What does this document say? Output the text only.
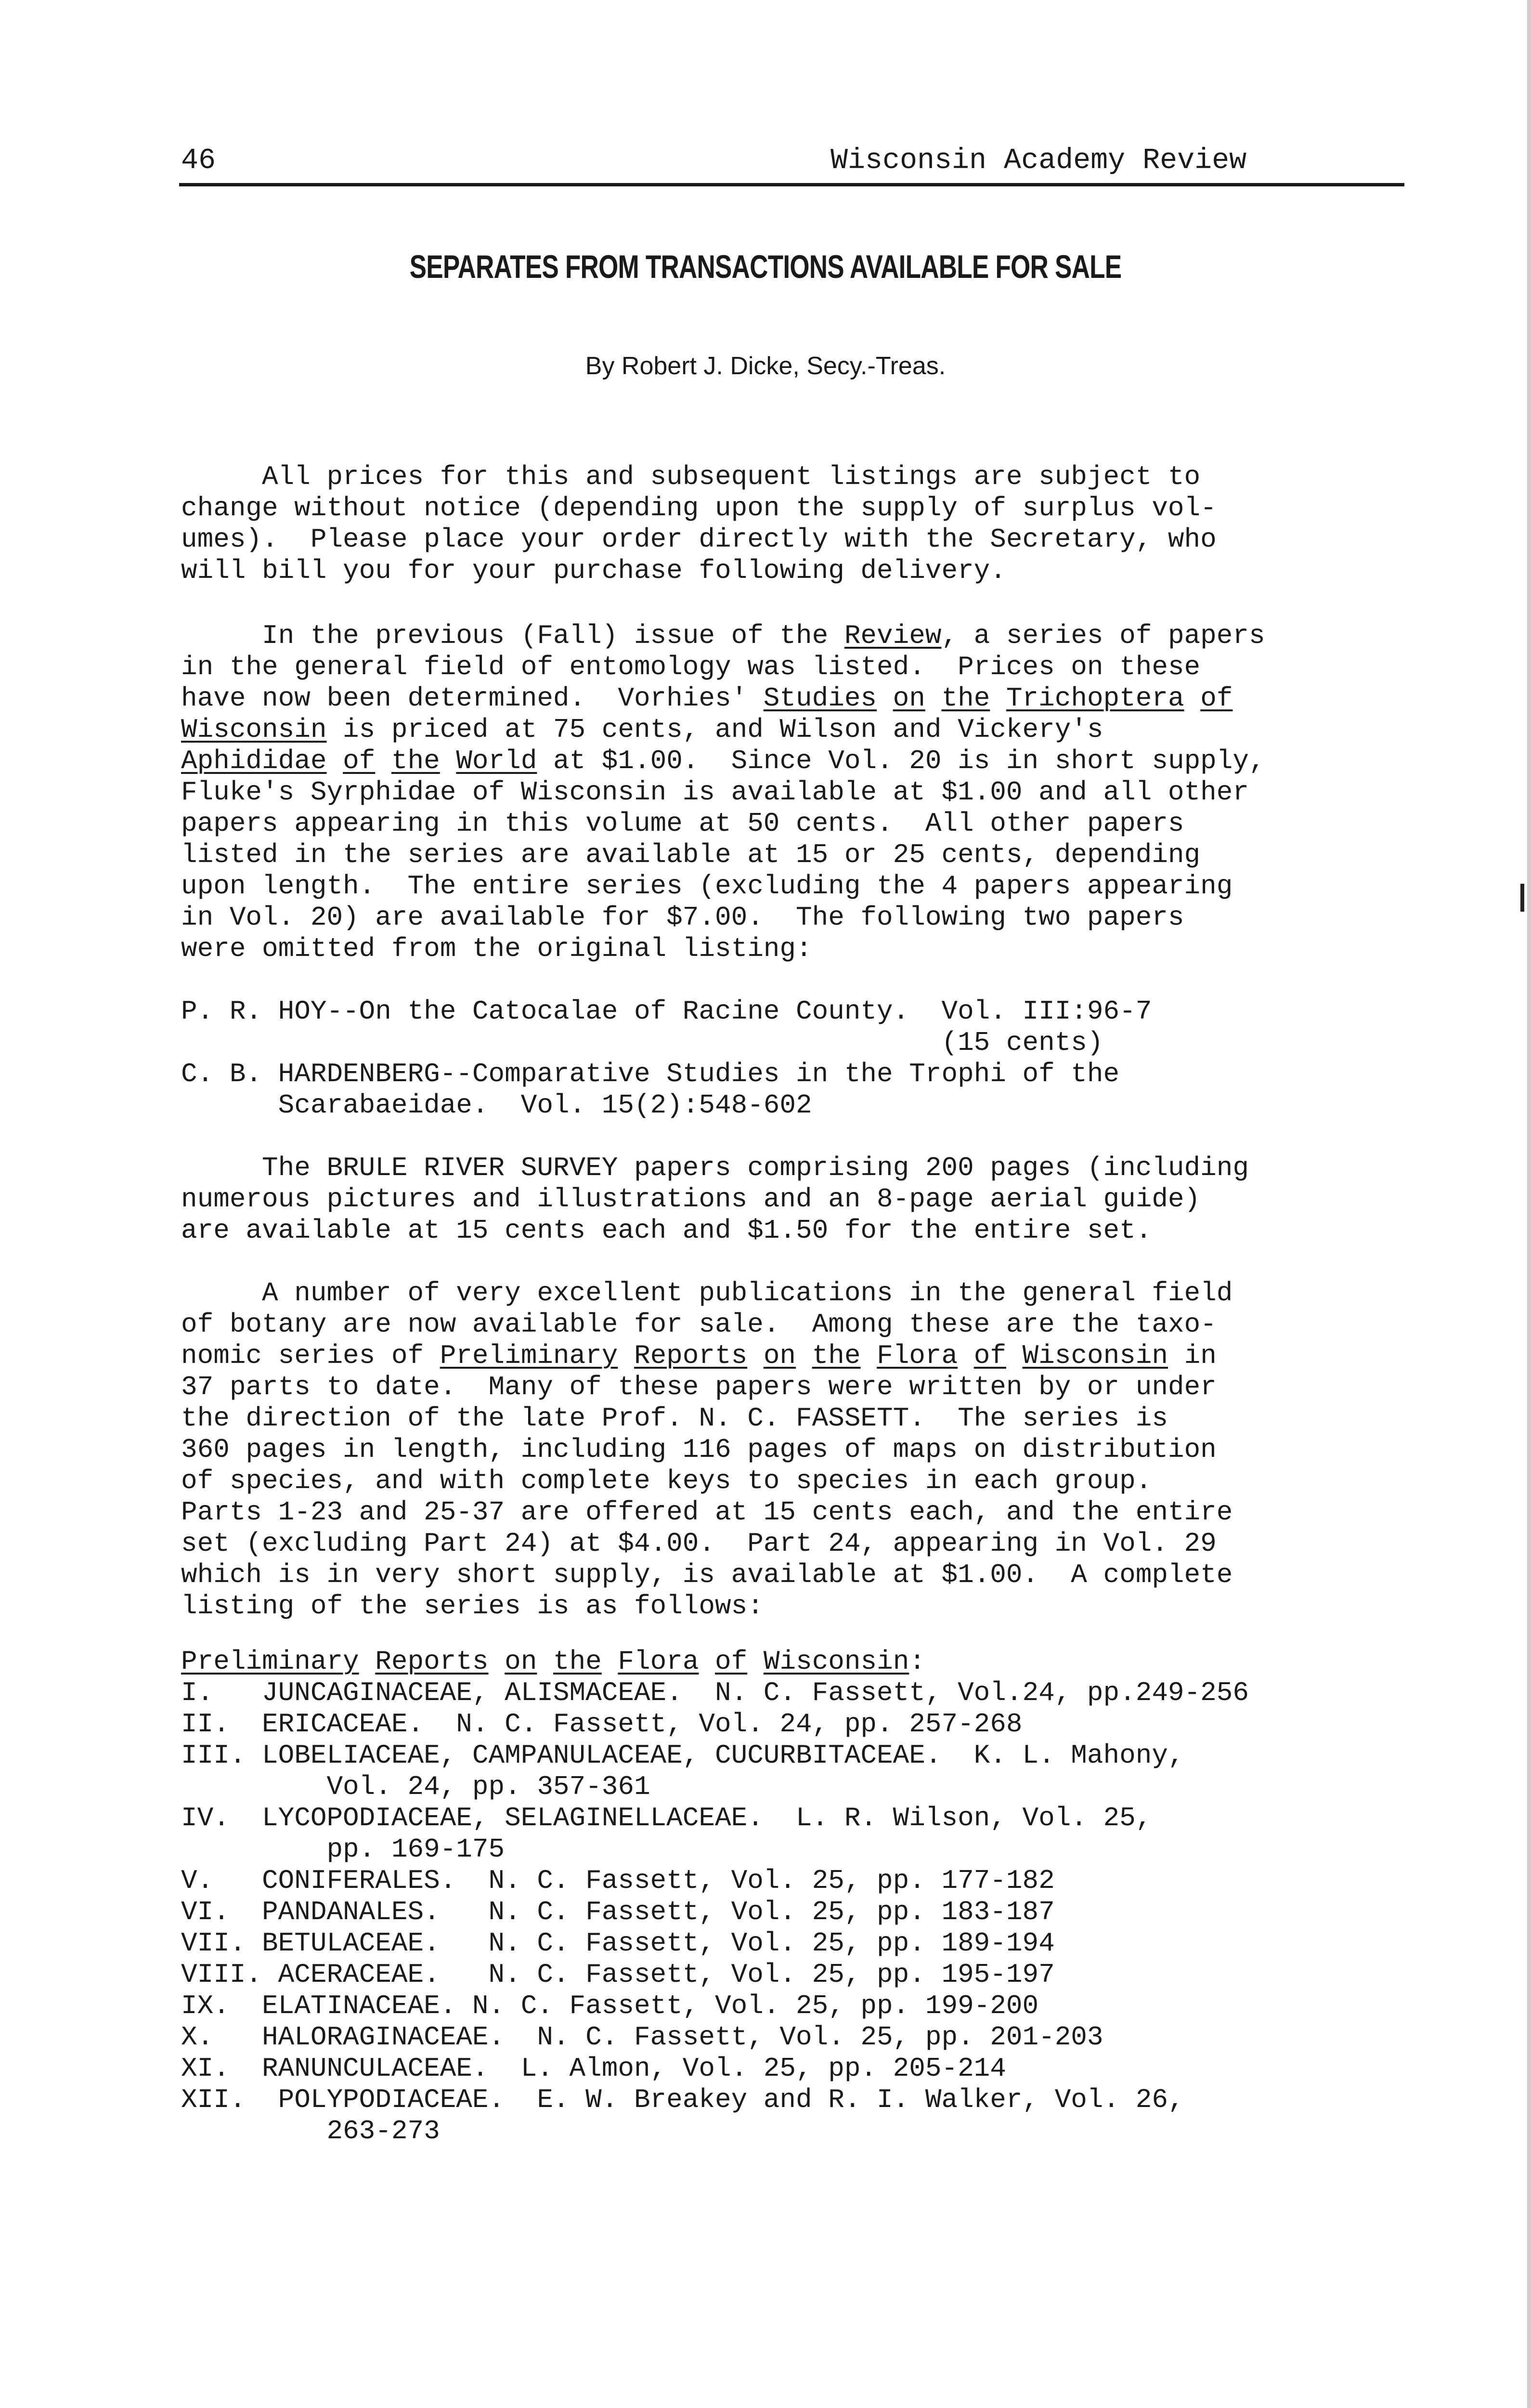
46	Wisconsin Academy Review
SEPARATES FROM TRANSACTIONS AVAILABLE FOR SALE
By Robert J. Dicke, Secy.-Treas.
All prices for this and subsequent listings are subject to
change without notice (depending upon the supply of surplus vol-
umes).  Please place your order directly with the Secretary, who
will bill you for your purchase following delivery.
In the previous (Fall) issue of the Review, a series of papers
in the general field of entomology was listed.  Prices on these
have now been determined.  Vorhies' Studies on the Trichoptera of
Wisconsin is priced at 75 cents, and Wilson and Vickery's
Aphididae of the World at $1.00.  Since Vol. 20 is in short supply,
Fluke's Syrphidae of Wisconsin is available at $1.00 and all other
papers appearing in this volume at 50 cents.  All other papers
listed in the series are available at 15 or 25 cents, depending
upon length.  The entire series (excluding the 4 papers appearing
in Vol. 20) are available for $7.00.  The following two papers
were omitted from the original listing:
P. R. HOY--On the Catocalae of Racine County.  Vol. III:96-7
(15 cents)
C. B. HARDENBERG--Comparative Studies in the Trophi of the
Scarabaeidae.  Vol. 15(2):548-602
The BRULE RIVER SURVEY papers comprising 200 pages (including
numerous pictures and illustrations and an 8-page aerial guide)
are available at 15 cents each and $1.50 for the entire set.
A number of very excellent publications in the general field
of botany are now available for sale.  Among these are the taxo-
nomic series of Preliminary Reports on the Flora of Wisconsin in
37 parts to date.  Many of these papers were written by or under
the direction of the late Prof. N. C. FASSETT.  The series is
360 pages in length, including 116 pages of maps on distribution
of species, and with complete keys to species in each group.
Parts 1-23 and 25-37 are offered at 15 cents each, and the entire
set (excluding Part 24) at $4.00.  Part 24, appearing in Vol. 29
which is in very short supply, is available at $1.00.  A complete
listing of the series is as follows:
Preliminary Reports on the Flora of Wisconsin:
I.   JUNCAGINACEAE, ALISMACEAE.  N. C. Fassett, Vol.24, pp.249-256
II.  ERICACEAE.  N. C. Fassett, Vol. 24, pp. 257-268
III. LOBELIACEAE, CAMPANULACEAE, CUCURBITACEAE.  K. L. Mahony,
Vol. 24, pp. 357-361
IV.  LYCOPODIACEAE, SELAGINELLACEAE.  L. R. Wilson, Vol. 25,
pp. 169-175
V.   CONIFERALES.  N. C. Fassett, Vol. 25, pp. 177-182
VI.  PANDANALES.   N. C. Fassett, Vol. 25, pp. 183-187
VII. BETULACEAE.   N. C. Fassett, Vol. 25, pp. 189-194
VIII. ACERACEAE.   N. C. Fassett, Vol. 25, pp. 195-197
IX.  ELATINACEAE. N. C. Fassett, Vol. 25, pp. 199-200
X.   HALORAGINACEAE.  N. C. Fassett, Vol. 25, pp. 201-203
XI.  RANUNCULACEAE.  L. Almon, Vol. 25, pp. 205-214
XII.  POLYPODIACEAE.  E. W. Breakey and R. I. Walker, Vol. 26,
263-273
